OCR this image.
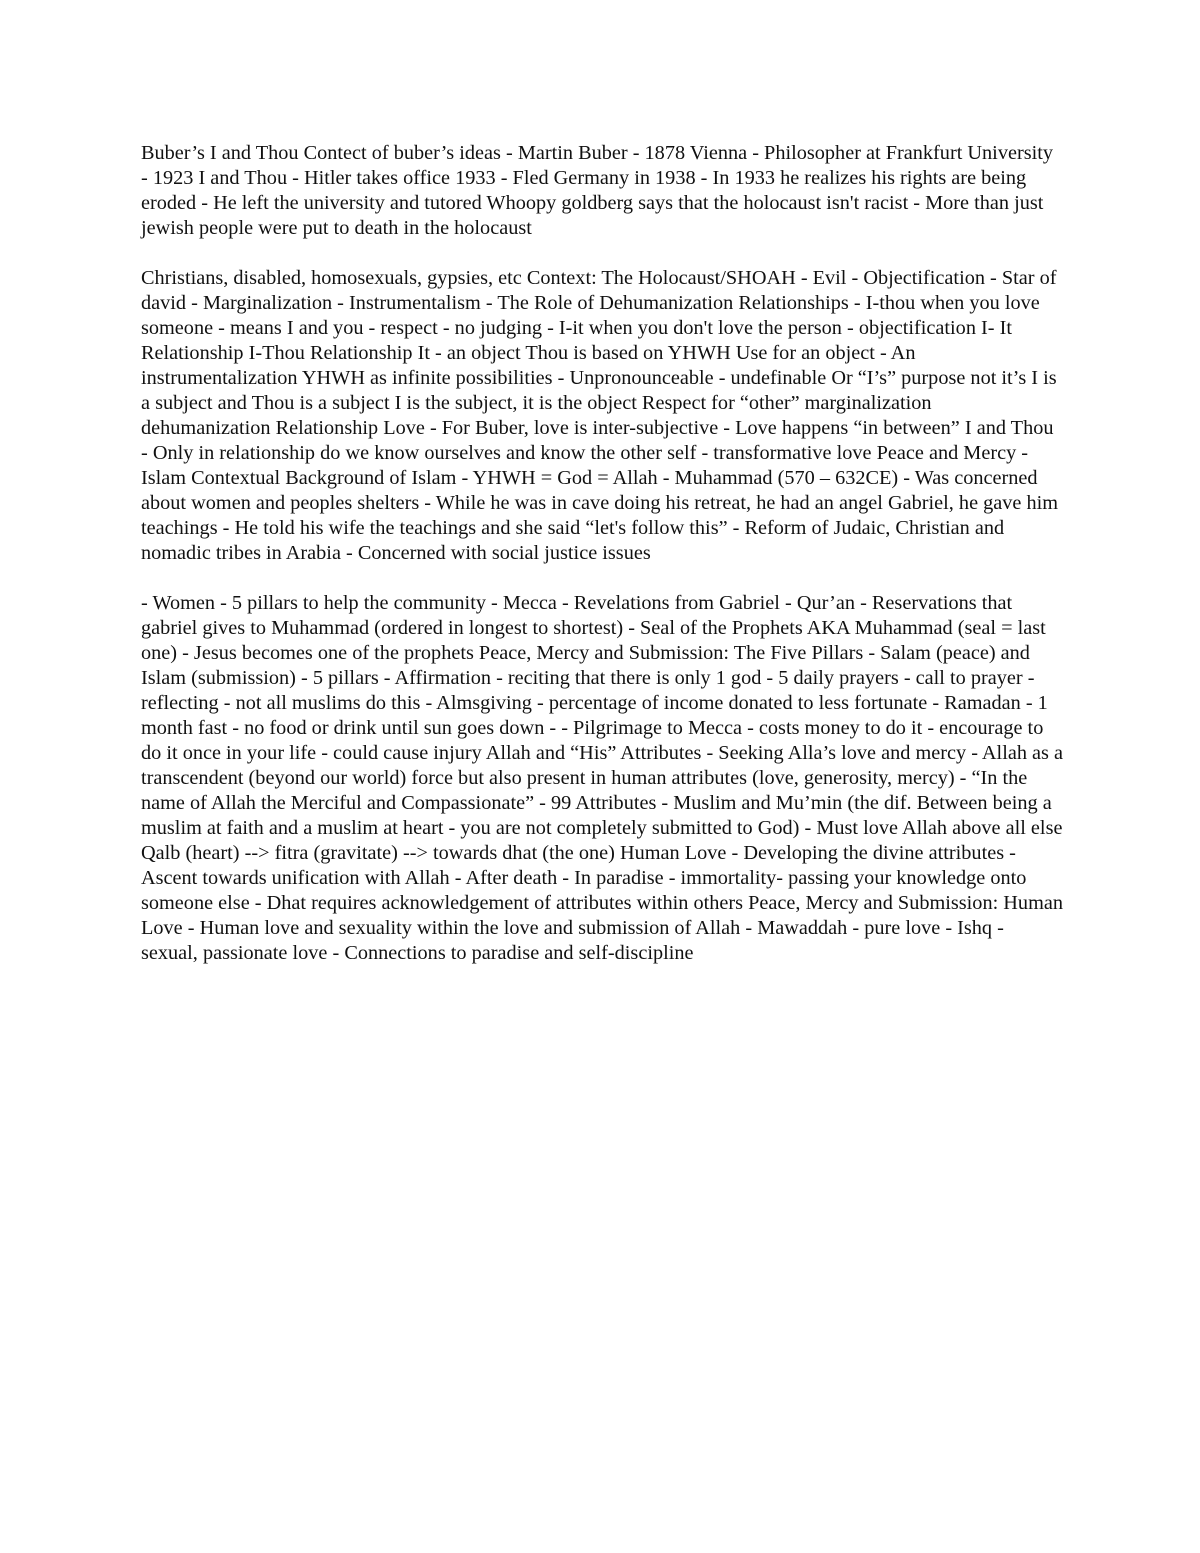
Buber’s I and Thou Contect of buber’s ideas - Martin Buber - 1878 Vienna - Philosopher at Frankfurt University - 1923 I and Thou - Hitler takes office 1933 - Fled Germany in 1938 - In 1933 he realizes his rights are being eroded - He left the university and tutored Whoopy goldberg says that the holocaust isn't racist - More than just jewish people were put to death in the holocaust

Christians, disabled, homosexuals, gypsies, etc Context: The Holocaust/SHOAH - Evil - Objectification - Star of david - Marginalization - Instrumentalism - The Role of Dehumanization Relationships - I-thou when you love someone - means I and you - respect - no judging - I-it when you don't love the person - objectification I- It Relationship I-Thou Relationship It - an object Thou is based on YHWH Use for an object - An instrumentalization YHWH as infinite possibilities - Unpronounceable - undefinable Or “I’s” purpose not it’s I is a subject and Thou is a subject I is the subject, it is the object Respect for “other” marginalization dehumanization Relationship Love - For Buber, love is inter-subjective - Love happens “in between” I and Thou - Only in relationship do we know ourselves and know the other self - transformative love Peace and Mercy - Islam Contextual Background of Islam - YHWH = God = Allah - Muhammad (570 – 632CE) - Was concerned about women and peoples shelters - While he was in cave doing his retreat, he had an angel Gabriel, he gave him teachings - He told his wife the teachings and she said “let's follow this” - Reform of Judaic, Christian and nomadic tribes in Arabia - Concerned with social justice issues

- Women - 5 pillars to help the community - Mecca - Revelations from Gabriel - Qur’an - Reservations that gabriel gives to Muhammad (ordered in longest to shortest) - Seal of the Prophets AKA Muhammad (seal = last one) - Jesus becomes one of the prophets Peace, Mercy and Submission: The Five Pillars - Salam (peace) and Islam (submission) - 5 pillars - Affirmation - reciting that there is only 1 god - 5 daily prayers - call to prayer - reflecting - not all muslims do this - Almsgiving - percentage of income donated to less fortunate - Ramadan - 1 month fast - no food or drink until sun goes down - - Pilgrimage to Mecca - costs money to do it - encourage to do it once in your life - could cause injury Allah and “His” Attributes - Seeking Alla’s love and mercy - Allah as a transcendent (beyond our world) force but also present in human attributes (love, generosity, mercy) - “In the name of Allah the Merciful and Compassionate” - 99 Attributes - Muslim and Mu’min (the dif. Between being a muslim at faith and a muslim at heart - you are not completely submitted to God) - Must love Allah above all else Qalb (heart) --> fitra (gravitate) --> towards dhat (the one) Human Love - Developing the divine attributes - Ascent towards unification with Allah - After death - In paradise - immortality- passing your knowledge onto someone else - Dhat requires acknowledgement of attributes within others Peace, Mercy and Submission: Human Love - Human love and sexuality within the love and submission of Allah - Mawaddah - pure love - Ishq - sexual, passionate love - Connections to paradise and self-discipline
